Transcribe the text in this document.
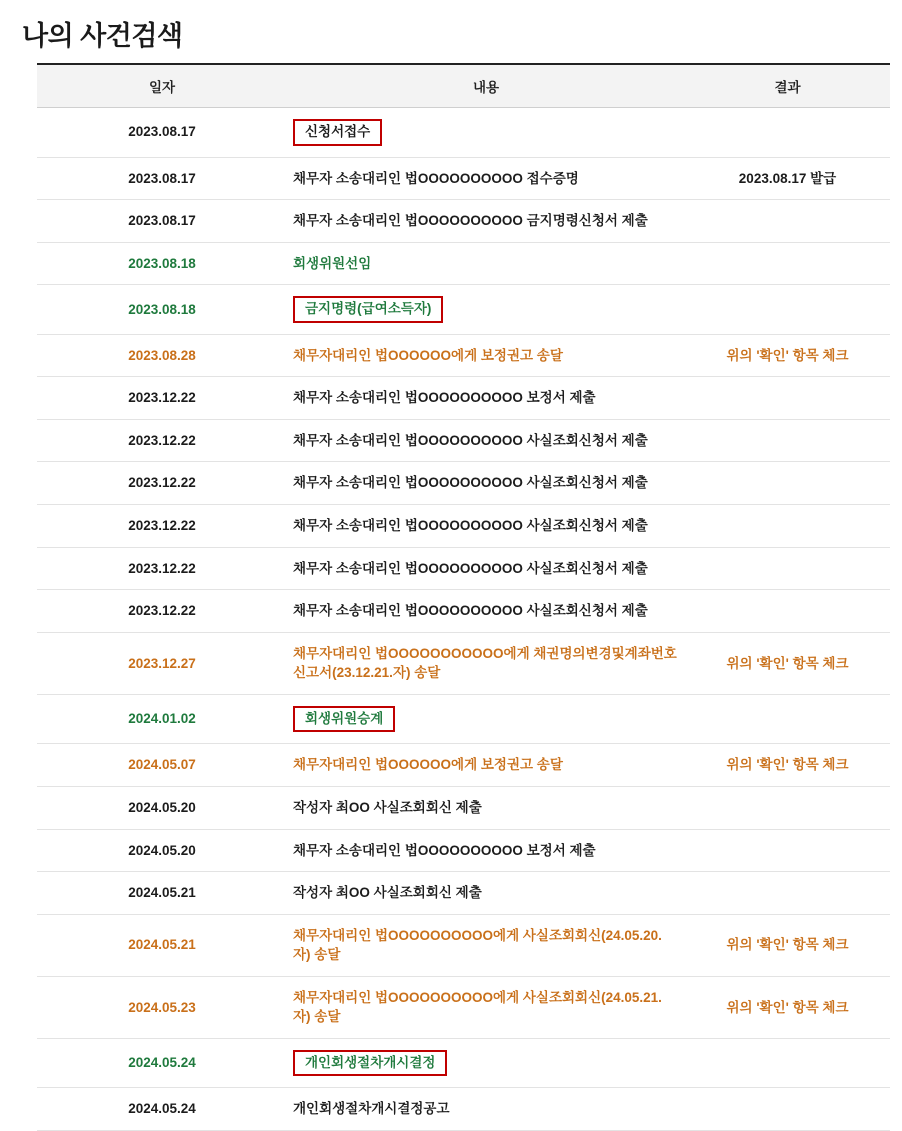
나의 사건검색
일자	내용	결과
2023.08.17	신청서접수	
2023.08.17	채무자 소송대리인 법OOOOOOOOOO 접수증명	2023.08.17 발급
2023.08.17	채무자 소송대리인 법OOOOOOOOOO 금지명령신청서 제출	
2023.08.18	회생위원선임	
2023.08.18	금지명령(급여소득자)	
2023.08.28	채무자대리인 법OOOOOO에게 보정권고 송달	위의 '확인' 항목 체크
2023.12.22	채무자 소송대리인 법OOOOOOOOOO 보정서 제출	
2023.12.22	채무자 소송대리인 법OOOOOOOOOO 사실조회신청서 제출	
2023.12.22	채무자 소송대리인 법OOOOOOOOOO 사실조회신청서 제출	
2023.12.22	채무자 소송대리인 법OOOOOOOOOO 사실조회신청서 제출	
2023.12.22	채무자 소송대리인 법OOOOOOOOOO 사실조회신청서 제출	
2023.12.22	채무자 소송대리인 법OOOOOOOOOO 사실조회신청서 제출	
2023.12.27	채무자대리인 법OOOOOOOOOOO에게 채권명의변경및계좌번호신고서(23.12.21.자) 송달	위의 '확인' 항목 체크
2024.01.02	회생위원승계	
2024.05.07	채무자대리인 법OOOOOO에게 보정권고 송달	위의 '확인' 항목 체크
2024.05.20	작성자 최OO 사실조회회신 제출	
2024.05.20	채무자 소송대리인 법OOOOOOOOOO 보정서 제출	
2024.05.21	작성자 최OO 사실조회회신 제출	
2024.05.21	채무자대리인 법OOOOOOOOOO에게 사실조회회신(24.05.20.자) 송달	위의 '확인' 항목 체크
2024.05.23	채무자대리인 법OOOOOOOOOO에게 사실조회회신(24.05.21.자) 송달	위의 '확인' 항목 체크
2024.05.24	개인회생절차개시결정	
2024.05.24	개인회생절차개시결정공고	
